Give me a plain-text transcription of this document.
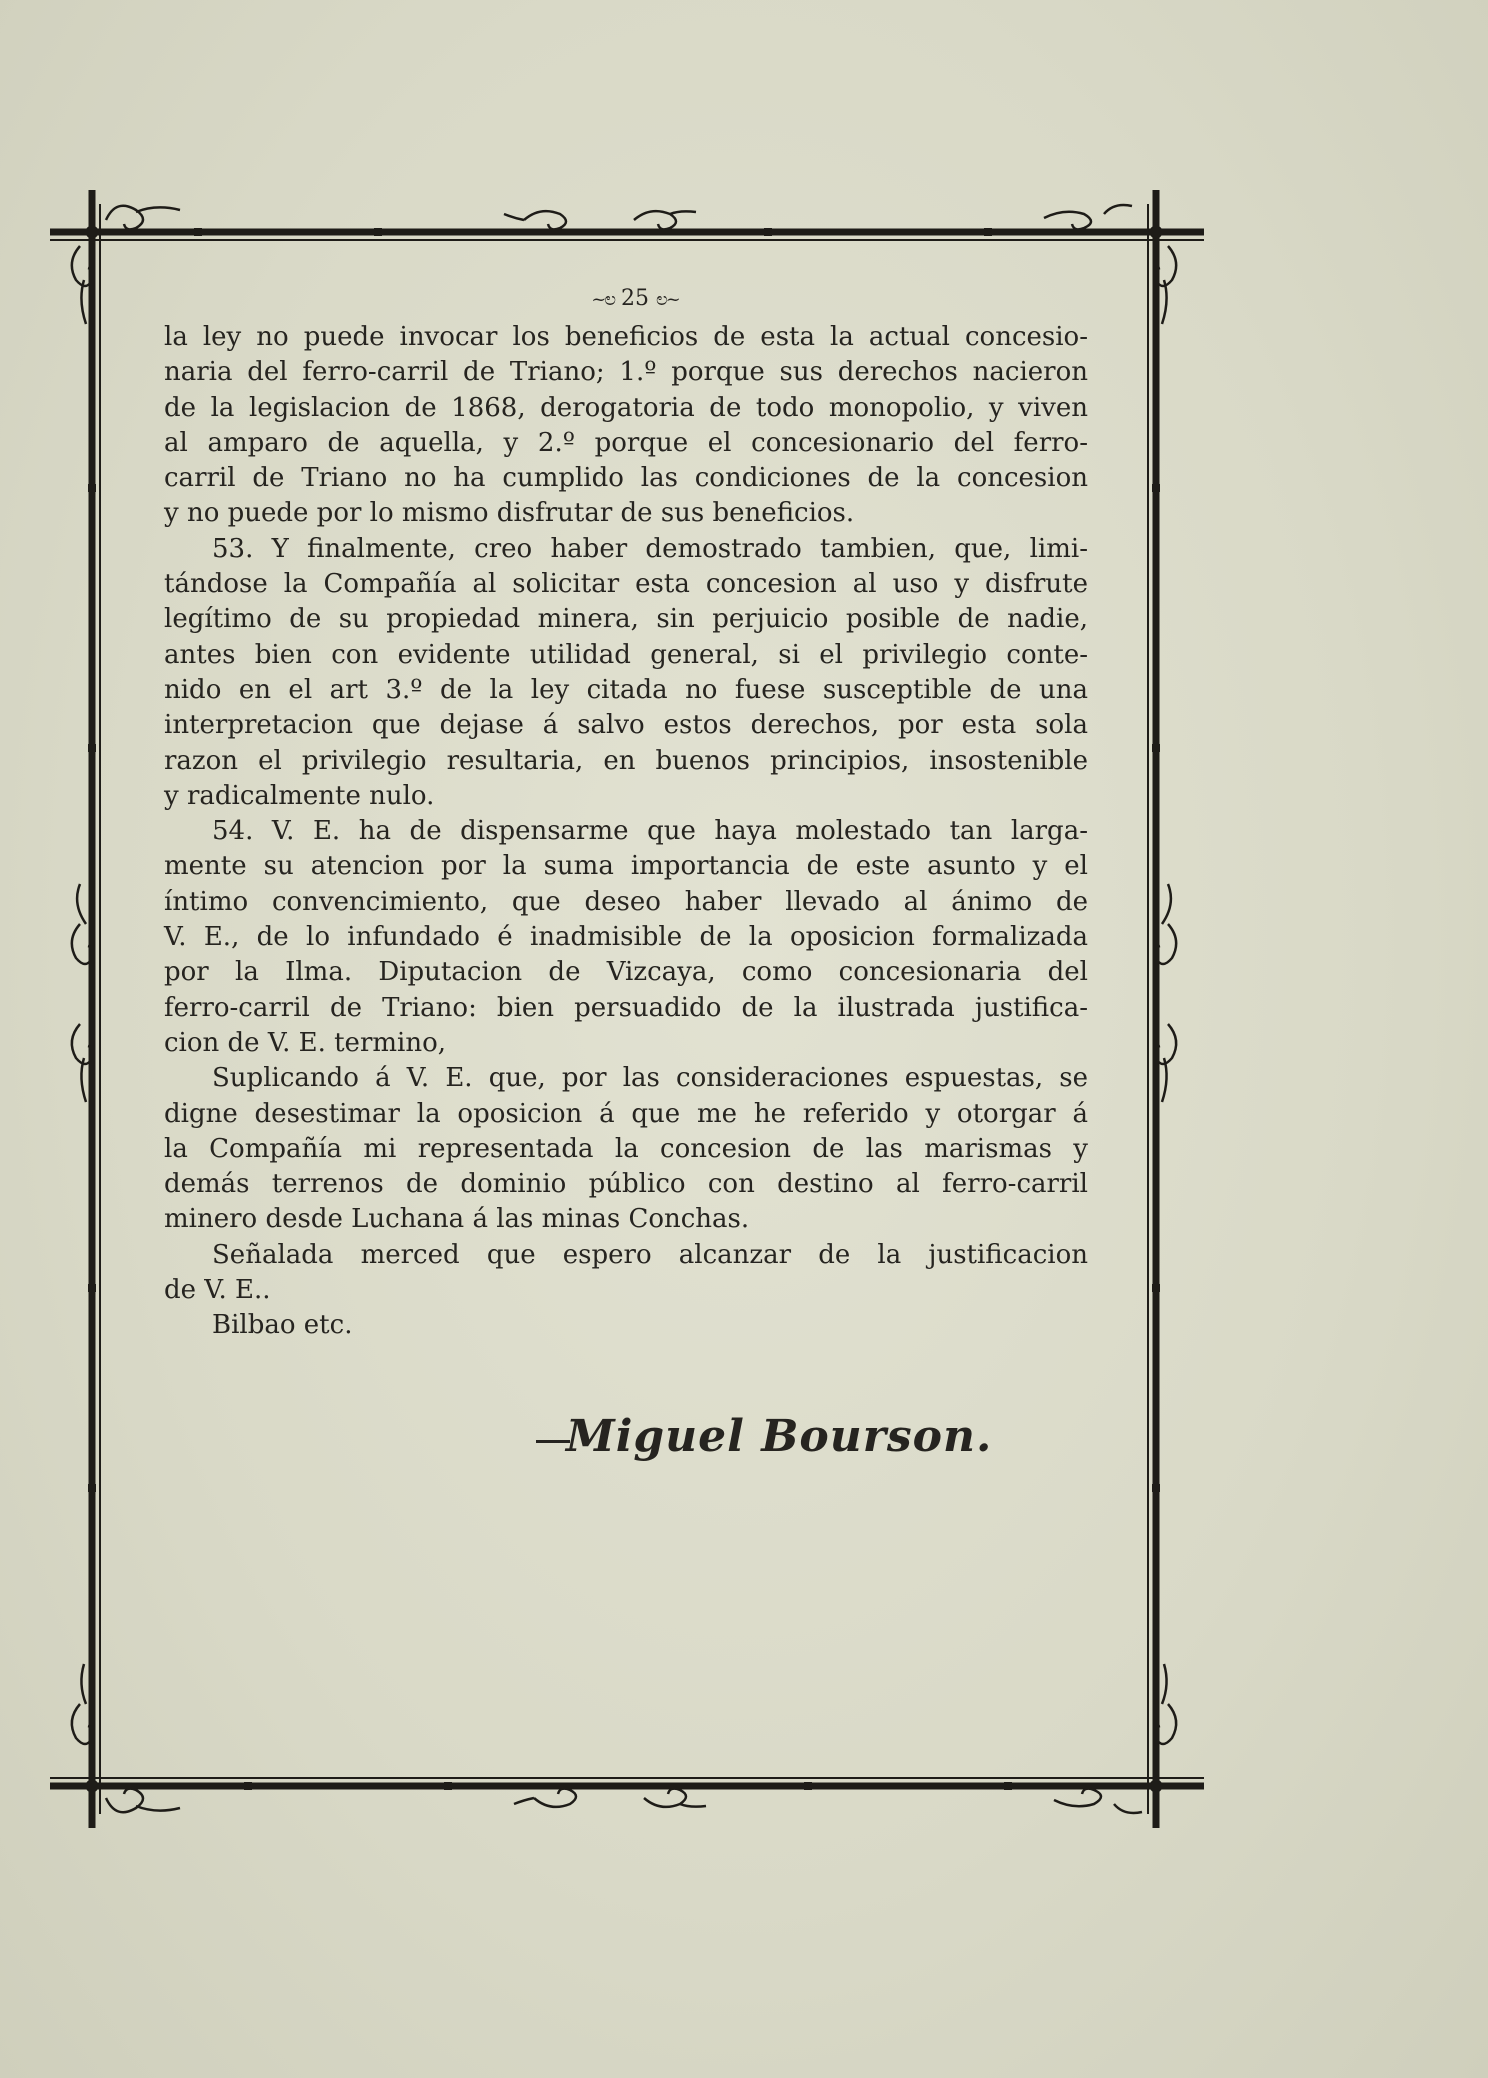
~ಲ 25 ಲ~
la ley no puede invocar los beneficios de esta la actual concesio-
naria del ferro-carril de Triano; 1.º porque sus derechos nacieron
de la legislacion de 1868, derogatoria de todo monopolio, y viven
al amparo de aquella, y 2.º porque el concesionario del ferro-
carril de Triano no ha cumplido las condiciones de la concesion
y no puede por lo mismo disfrutar de sus beneficios.
53. Y finalmente, creo haber demostrado tambien, que, limi-
tándose la Compañía al solicitar esta concesion al uso y disfrute
legítimo de su propiedad minera, sin perjuicio posible de nadie,
antes bien con evidente utilidad general, si el privilegio conte-
nido en el art 3.º de la ley citada no fuese susceptible de una
interpretacion que dejase á salvo estos derechos, por esta sola
razon el privilegio resultaria, en buenos principios, insostenible
y radicalmente nulo.
54. V. E. ha de dispensarme que haya molestado tan larga-
mente su atencion por la suma importancia de este asunto y el
íntimo convencimiento, que deseo haber llevado al ánimo de
V. E., de lo infundado é inadmisible de la oposicion formalizada
por la Ilma. Diputacion de Vizcaya, como concesionaria del
ferro-carril de Triano: bien persuadido de la ilustrada justifica-
cion de V. E. termino,
Suplicando á V. E. que, por las consideraciones espuestas, se
digne desestimar la oposicion á que me he referido y otorgar á
la Compañía mi representada la concesion de las marismas y
demás terrenos de dominio público con destino al ferro-carril
minero desde Luchana á las minas Conchas.
Señalada merced que espero alcanzar de la justificacion
de V. E..
Bilbao etc.
Miguel Bourson.
